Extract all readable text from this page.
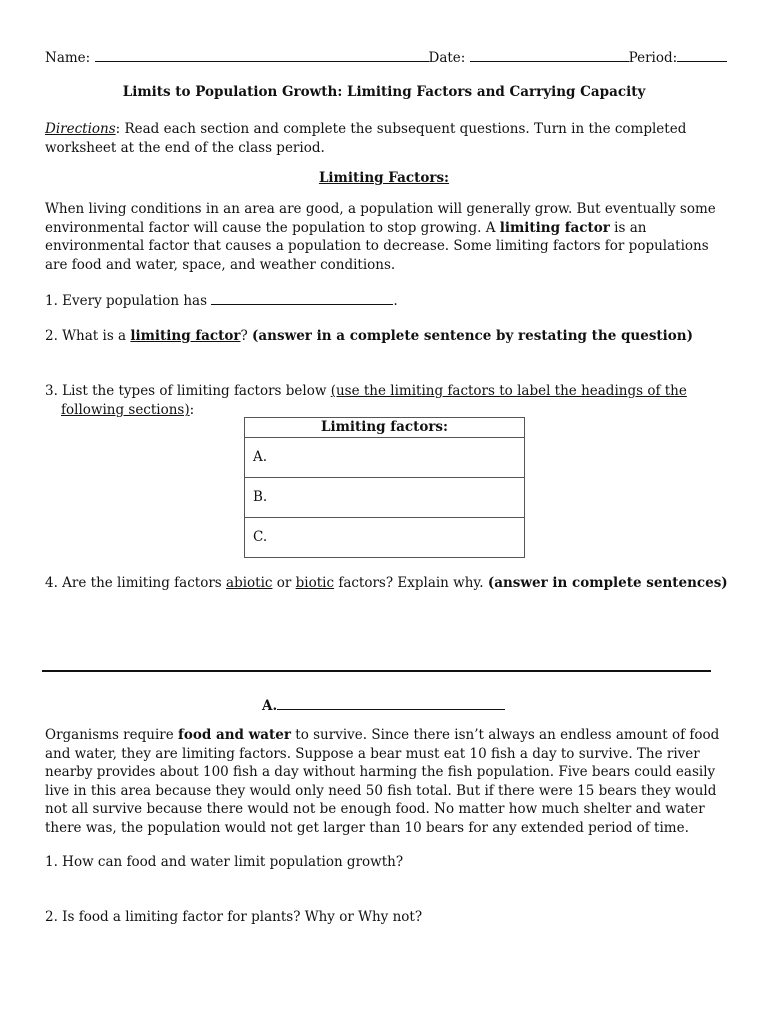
Name:	Date:	Period:
Limits to Population Growth: Limiting Factors and Carrying Capacity
Directions: Read each section and complete the subsequent questions. Turn in the completed worksheet at the end of the class period.
Limiting Factors:
When living conditions in an area are good, a population will generally grow. But eventually some environmental factor will cause the population to stop growing. A limiting factor is an environmental factor that causes a population to decrease. Some limiting factors for populations are food and water, space, and weather conditions.
1. Every population has	.
2. What is a limiting factor? (answer in a complete sentence by restating the question)
3. List the types of limiting factors below (use the limiting factors to label the headings of the
following sections):
Limiting factors:
A.
B.
C.
4. Are the limiting factors abiotic or biotic factors? Explain why. (answer in complete sentences)
A.
Organisms require food and water to survive. Since there isn’t always an endless amount of food and water, they are limiting factors. Suppose a bear must eat 10 fish a day to survive. The river nearby provides about 100 fish a day without harming the fish population. Five bears could easily live in this area because they would only need 50 fish total. But if there were 15 bears they would not all survive because there would not be enough food. No matter how much shelter and water there was, the population would not get larger than 10 bears for any extended period of time.
1. How can food and water limit population growth?
2. Is food a limiting factor for plants? Why or Why not?
